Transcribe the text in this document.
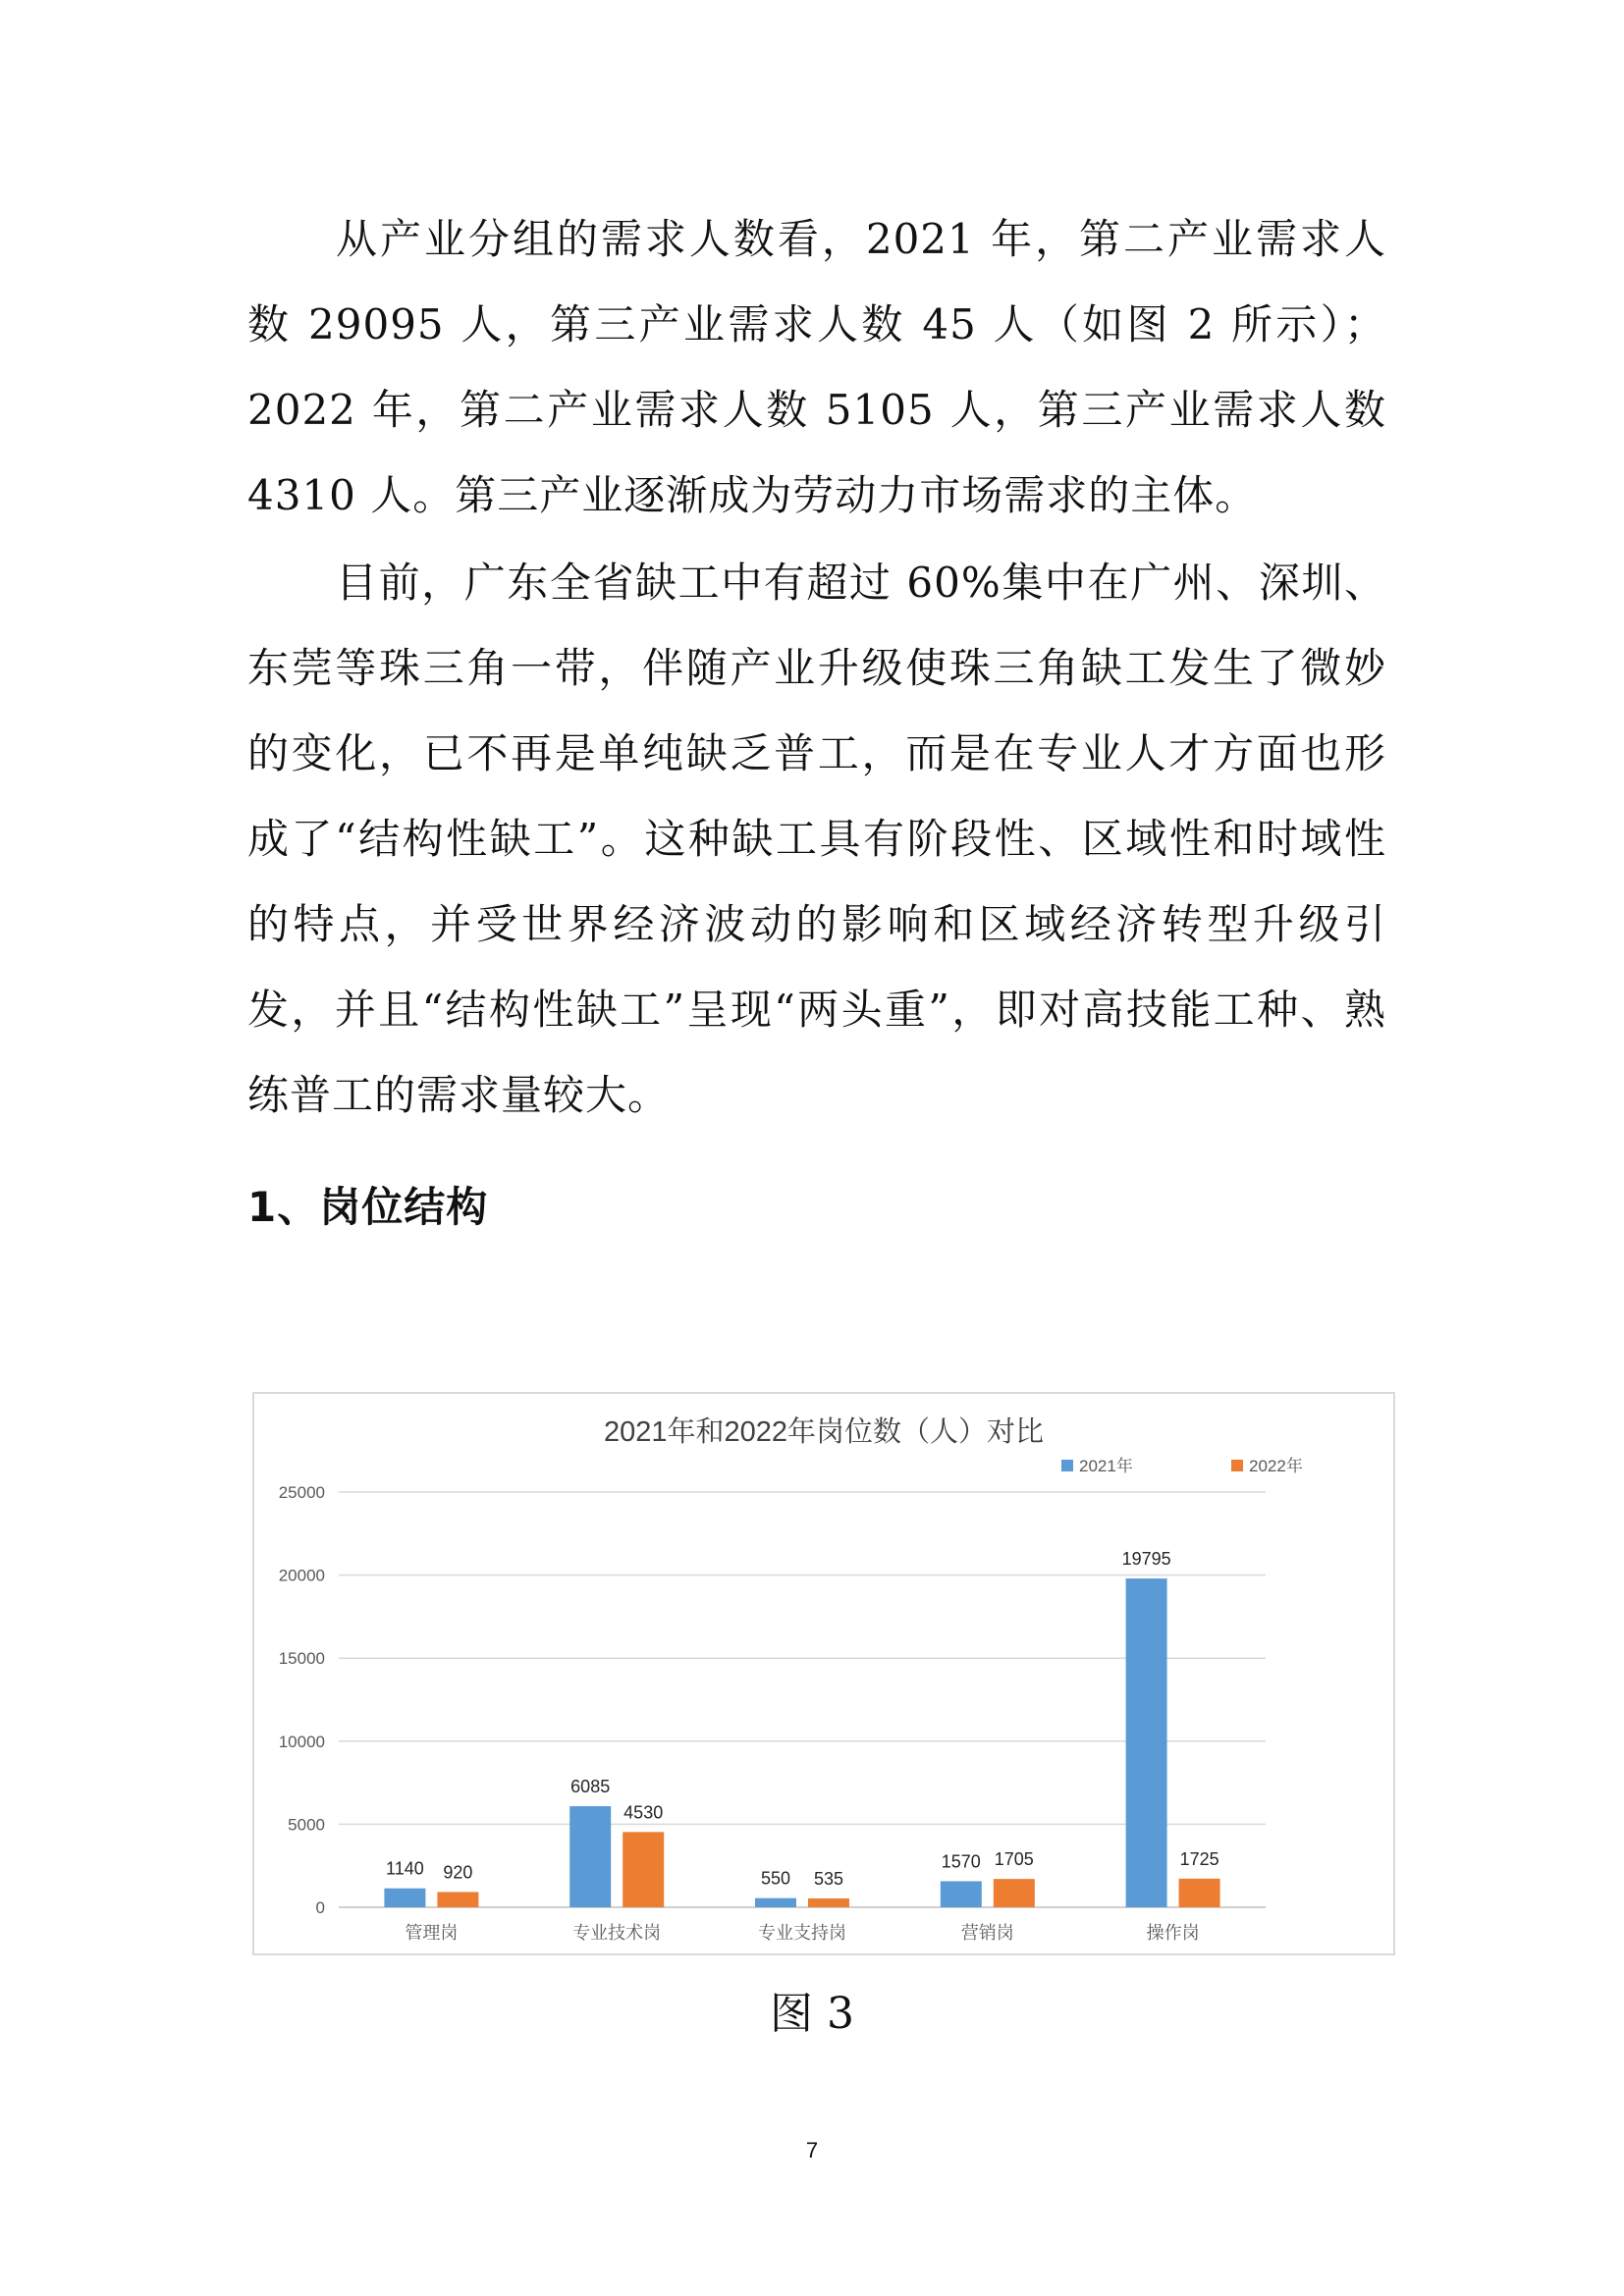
从产业分组的需求人数看，2021 年，第二产业需求人数 29095 人，第三产业需求人数 45 人（如图 2 所示）；2022 年，第二产业需求人数 5105 人，第三产业需求人数 4310 人。第三产业逐渐成为劳动力市场需求的主体。

目前，广东全省缺工中有超过 60%集中在广州、深圳、东莞等珠三角一带，伴随产业升级使珠三角缺工发生了微妙的变化，已不再是单纯缺乏普工，而是在专业人才方面也形成了“结构性缺工”。这种缺工具有阶段性、区域性和时域性的特点，并受世界经济波动的影响和区域经济转型升级引发，并且“结构性缺工”呈现“两头重”，即对高技能工种、熟练普工的需求量较大。

1、岗位结构
2021年和2022年岗位数（人）对比
0
5000
10000
15000
20000
25000
1140 920
管理岗
6085
4530
专业技术岗
550 535
专业支持岗
1570 1705
营销岗
19795
1725
操作岗
2021年	2022年

图 3

7
